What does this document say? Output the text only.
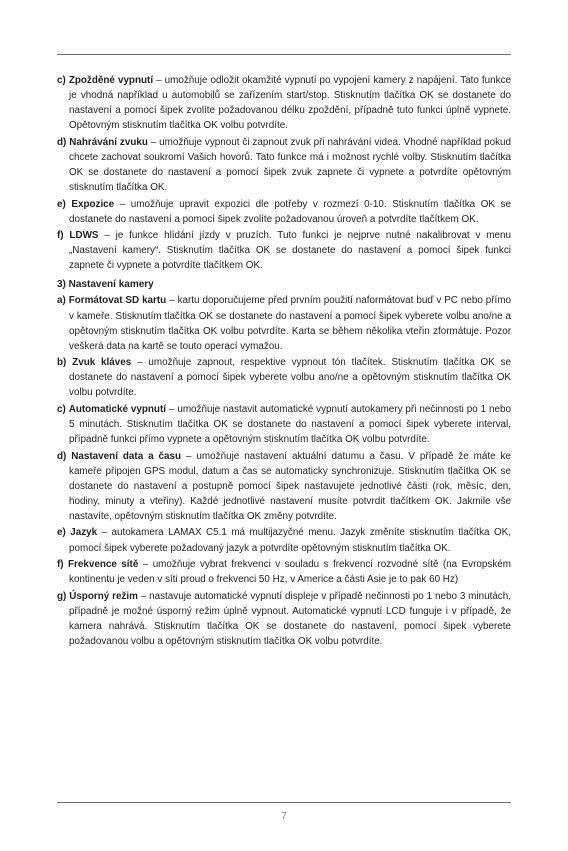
c) Zpožděné vypnutí – umožňuje odložit okamžité vypnutí po vypojení kamery z napájení. Tato funkce je vhodná například u automobilů se zařízením start/stop. Stisknutím tlačítka OK se dostanete do nastavení a pomocí šipek zvolíte požadovanou délku zpoždění, případně tuto funkci úplně vypnete. Opětovným stisknutím tlačítka OK volbu potvrdíte.

d) Nahrávání zvuku – umožňuje vypnout či zapnout zvuk při nahrávání videa. Vhodné například pokud chcete zachovat soukromí Vašich hovorů. Tato funkce má i možnost rychlé volby. Stisknutím tlačítka OK se dostanete do nastavení a pomocí šipek zvuk zapnete či vypnete a potvrdíte opětovným stisknutím tlačítka OK.

e) Expozice – umožňuje upravit expozici dle potřeby v rozmezí 0-10. Stisknutím tlačítka OK se dostanete do nastavení a pomocí šipek zvolíte požadovanou úroveň a potvrdíte tlačítkem OK.

f) LDWS – je funkce hlídání jízdy v pruzích. Tuto funkci je nejprve nutné nakalibrovat v menu „Nastavení kamery“. Stisknutím tlačítka OK se dostanete do nastavení a pomocí šipek funkci zapnete či vypnete a potvrdíte tlačítkem OK.

3) Nastavení kamery

a) Formátovat SD kartu – kartu doporučujeme před prvním použití naformátovat buď v PC nebo přímo v kameře. Stisknutím tlačítka OK se dostanete do nastavení a pomocí šipek vyberete volbu ano/ne a opětovným stisknutím tlačítka OK volbu potvrdíte. Karta se během několika vteřin zformátuje. Pozor veškerá data na kartě se touto operací vymažou.

b) Zvuk kláves – umožňuje zapnout, respektive vypnout tón tlačítek. Stisknutím tlačítka OK se dostanete do nastavení a pomocí šipek vyberete volbu ano/ne a opětovným stisknutím tlačítka OK volbu potvrdíte.

c) Automatické vypnutí – umožňuje nastavit automatické vypnutí autokamery při nečinnosti po 1 nebo 5 minutách. Stisknutím tlačítka OK se dostanete do nastavení a pomocí šipek vyberete interval, případně funkci přímo vypnete a opětovným stisknutím tlačítka OK volbu potvrdíte.

d) Nastavení data a času – umožňuje nastavení aktuální datumu a času. V případě že máte ke kameře připojen GPS modul, datum a čas se automaticky synchronizuje. Stisknutím tlačítka OK se dostanete do nastavení a postupně pomocí šipek nastavujete jednotlivé části (rok, měsíc, den, hodiny, minuty a vteřiny). Každé jednotlivé nastavení musíte potvrdit tlačítkem OK. Jakmile vše nastavíte, opětovným stisknutím tlačítka OK změny potvrdíte.

e) Jazyk – autokamera LAMAX C5.1 má multijazyčné menu. Jazyk změníte stisknutím tlačítka OK, pomocí šipek vyberete požadovaný jazyk a potvrdíte opětovným stisknutím tlačítka OK.

f) Frekvence sítě – umožňuje vybrat frekvenci v souladu s frekvencí rozvodné sítě (na Evropském kontinentu je veden v síti proud o frekvenci 50 Hz, v Americe a části Asie je to pak 60 Hz)

g) Úsporný režim – nastavuje automatické vypnutí displeje v případě nečinnosti po 1 nebo 3 minutách, případně je možné úsporný režim úplně vypnout. Automatické vypnutí LCD funguje i v případě, že kamera nahrává. Stisknutím tlačítka OK se dostanete do nastavení, pomocí šipek vyberete požadovanou volbu a opětovným stisknutím tlačítka OK volbu potvrdíte.

7
